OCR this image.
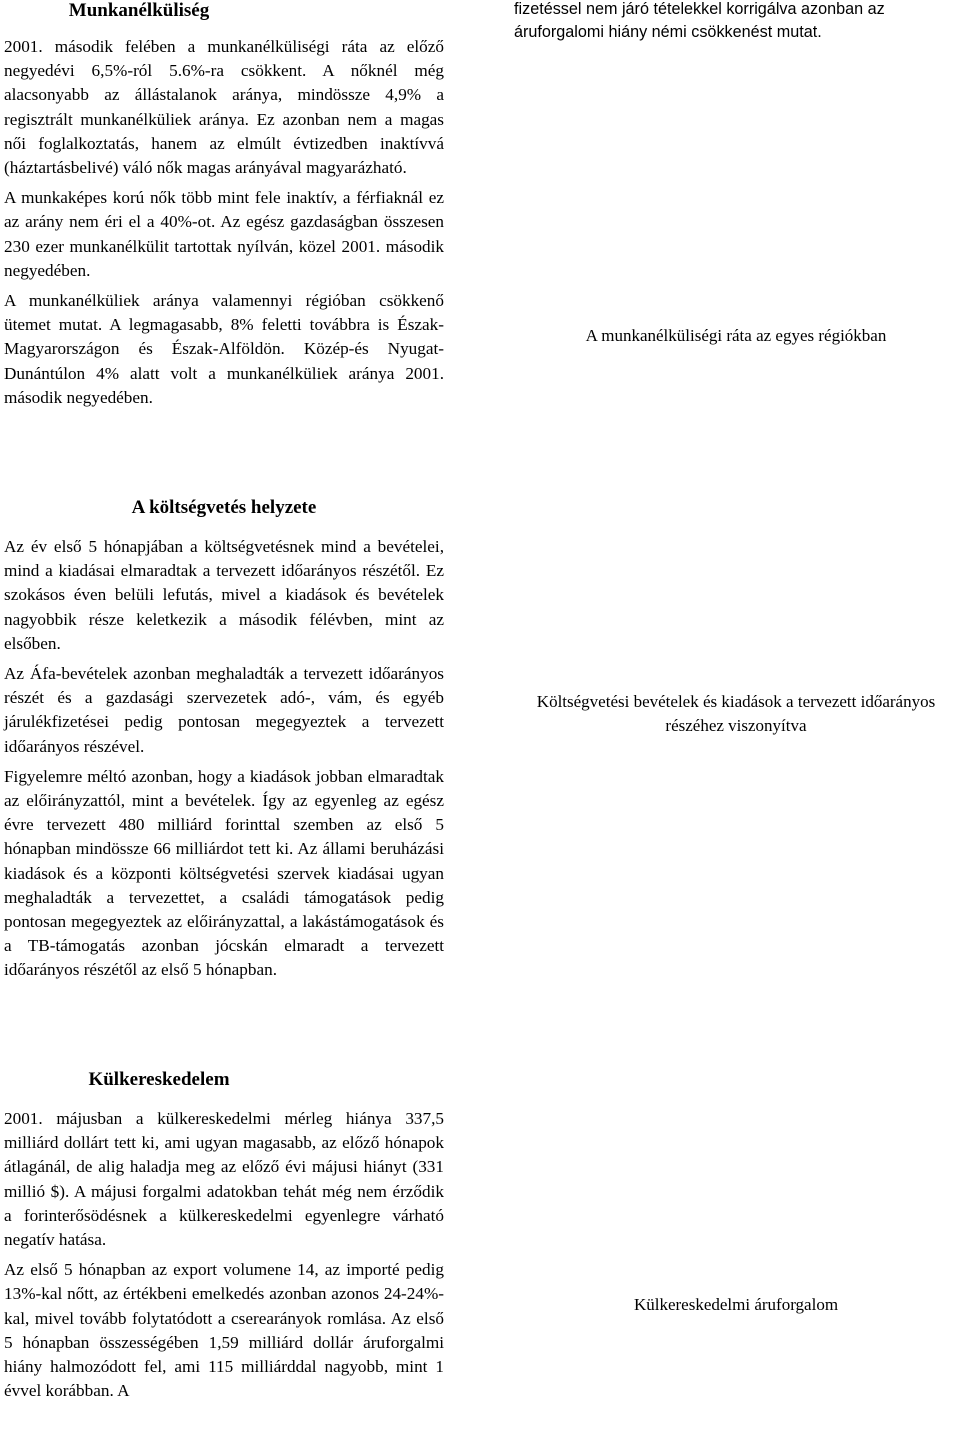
Munkanélküliség

2001. második felében a munkanélküliségi ráta az előző negyedévi 6,5%-ról 5.6%-ra csökkent. A nőknél még alacsonyabb az állástalanok aránya, mindössze 4,9% a regisztrált munkanélküliek aránya. Ez azonban nem a magas női foglalkoztatás, hanem az elmúlt évtizedben inaktívvá (háztartásbelivé) váló nők magas arányával magyarázható.

A munkaképes korú nők több mint fele inaktív, a férfiaknál ez az arány nem éri el a 40%-ot. Az egész gazdaságban összesen 230 ezer munkanélkülit tartottak nyílván, közel 2001. második negyedében.

A munkanélküliek aránya valamennyi régióban csökkenő ütemet mutat. A legmagasabb, 8% feletti továbbra is Észak-Magyarországon és Észak-Alföldön. Közép-és Nyugat-Dunántúlon 4% alatt volt a munkanélküliek aránya 2001. második negyedében.

A költségvetés helyzete

Az év első 5 hónapjában a költségvetésnek mind a bevételei, mind a kiadásai elmaradtak a tervezett időarányos részétől. Ez szokásos éven belüli lefutás, mivel a kiadások és bevételek nagyobbik része keletkezik a második félévben, mint az elsőben.

Az Áfa-bevételek azonban meghaladták a tervezett időarányos részét és a gazdasági szervezetek adó-, vám, és egyéb járulékfizetései pedig pontosan megegyeztek a tervezett időarányos részével.

Figyelemre méltó azonban, hogy a kiadások jobban elmaradtak az előirányzattól, mint a bevételek. Így az egyenleg az egész évre tervezett 480 milliárd forinttal szemben az első 5 hónapban mindössze 66 milliárdot tett ki. Az állami beruházási kiadások és a központi költségvetési szervek kiadásai ugyan meghaladták a tervezettet, a családi támogatások pedig pontosan megegyeztek az előirányzattal, a lakástámogatások és a TB-támogatás azonban jócskán elmaradt a tervezett időarányos részétől az első 5 hónapban.

Külkereskedelem

2001. májusban a külkereskedelmi mérleg hiánya 337,5 milliárd dollárt tett ki, ami ugyan magasabb, az előző hónapok átlagánál, de alig haladja meg az előző évi májusi hiányt (331 millió $). A májusi forgalmi adatokban tehát még nem érződik a forinterősödésnek a külkereskedelmi egyenlegre várható negatív hatása.

Az első 5 hónapban az export volumene 14, az importé pedig 13%-kal nőtt, az értékbeni emelkedés azonban azonos 24-24%-kal, mivel tovább folytatódott a cserearányok romlása. Az első 5 hónapban összességében 1,59 milliárd dollár áruforgalmi hiány halmozódott fel, ami 115 milliárddal nagyobb, mint 1 évvel korábban. A

fizetéssel nem járó tételekkel korrigálva azonban az áruforgalomi hiány némi csökkenést mutat.

A munkanélküliségi ráta az egyes régiókban
Költségvetési bevételek és kiadások a tervezett időarányos részéhez viszonyítva
Külkereskedelmi áruforgalom
